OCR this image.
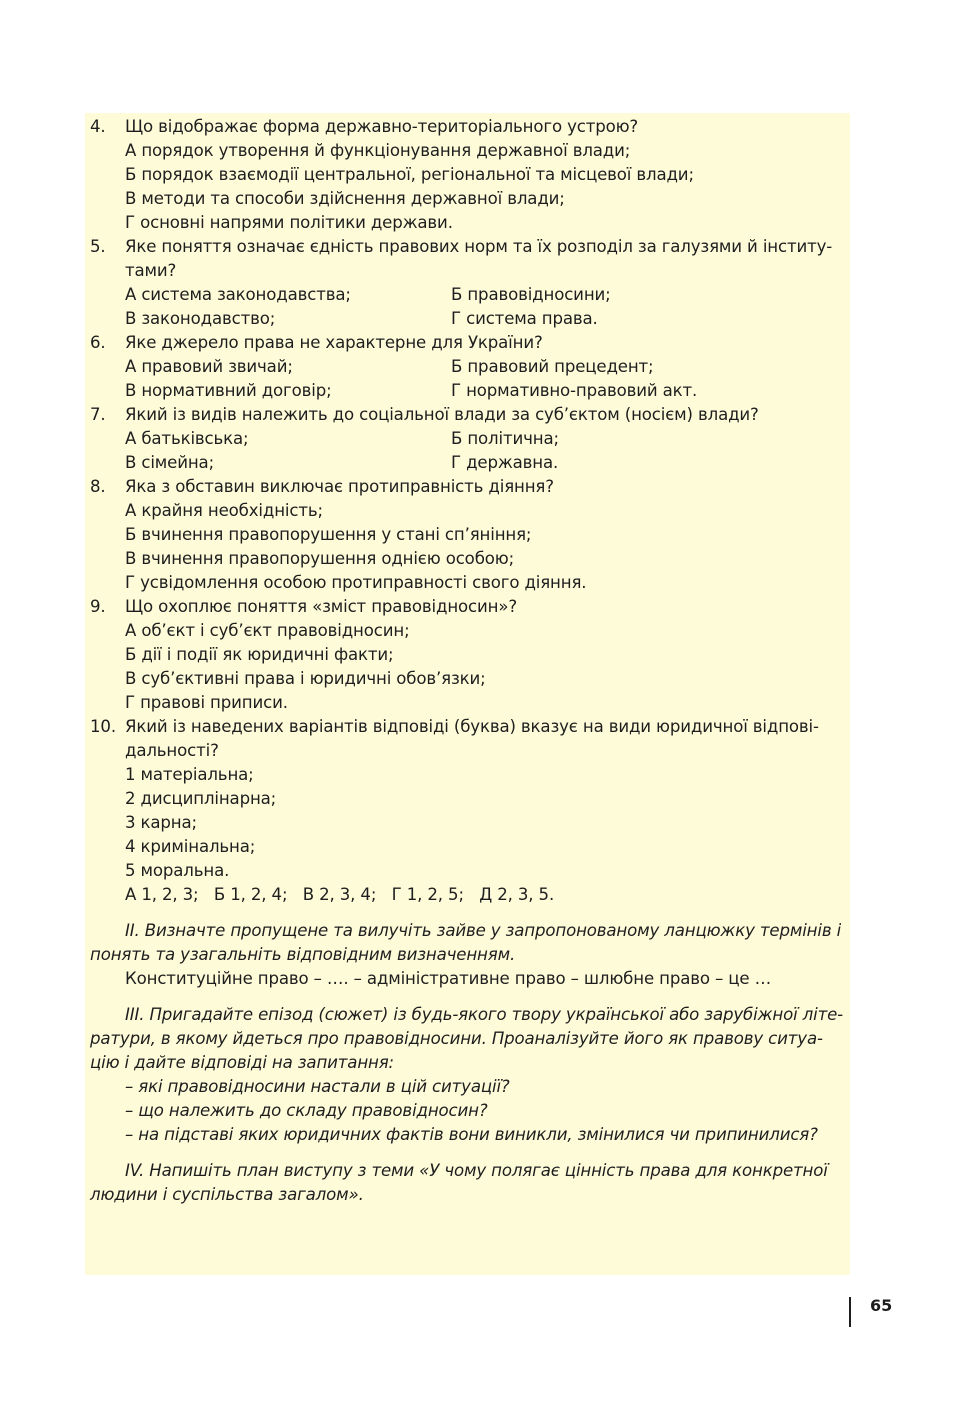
4. Що відображає форма державно-територіального устрою?
А порядок утворення й функціонування державної влади;
Б порядок взаємодії центральної, регіональної та місцевої влади;
В методи та способи здійснення державної влади;
Г основні напрями політики держави.
5. Яке поняття означає єдність правових норм та їх розподіл за галузями й інститу-
тами?
А система законодавства;
В законодавство;
Б правовідносини;
Г система права.
6. Яке джерело права не характерне для України?
А правовий звичай;
В нормативний договір;
Б правовий прецедент;
Г нормативно-правовий акт.
7. Який із видів належить до соціальної влади за суб’єктом (носієм) влади?
А батьківська;
В сімейна;
Б політична;
Г державна.
8. Яка з обставин виключає протиправність діяння?
А крайня необхідність;
Б вчинення правопорушення у стані сп’яніння;
В вчинення правопорушення однією особою;
Г усвідомлення особою протиправності свого діяння.
9. Що охоплює поняття «зміст правовідносин»?
А об’єкт і суб’єкт правовідносин;
Б дії і події як юридичні факти;
В суб’єктивні права і юридичні обов’язки;
Г правові приписи.
10. Який із наведених варіантів відповіді (буква) вказує на види юридичної відпові-
дальності?
1 матеріальна;
2 дисциплінарна;
3 карна;
4 кримінальна;
5 моральна.
А 1, 2, 3;   Б 1, 2, 4;   В 2, 3, 4;   Г 1, 2, 5;   Д 2, 3, 5.
II. Визначте пропущене та вилучіть зайве у запропонованому ланцюжку термінів і
понять та узагальніть відповідним визначенням.
Конституційне право – …. – адміністративне право – шлюбне право – це …
III. Пригадайте епізод (сюжет) із будь-якого твору української або зарубіжної літе-
ратури, в якому йдеться про правовідносини. Проаналізуйте його як правову ситуа-
цію і дайте відповіді на запитання:
– які правовідносини настали в цій ситуації?
– що належить до складу правовідносин?
– на підставі яких юридичних фактів вони виникли, змінилися чи припинилися?
IV. Напишіть план виступу з теми «У чому полягає цінність права для конкретної
людини і суспільства загалом».
65
